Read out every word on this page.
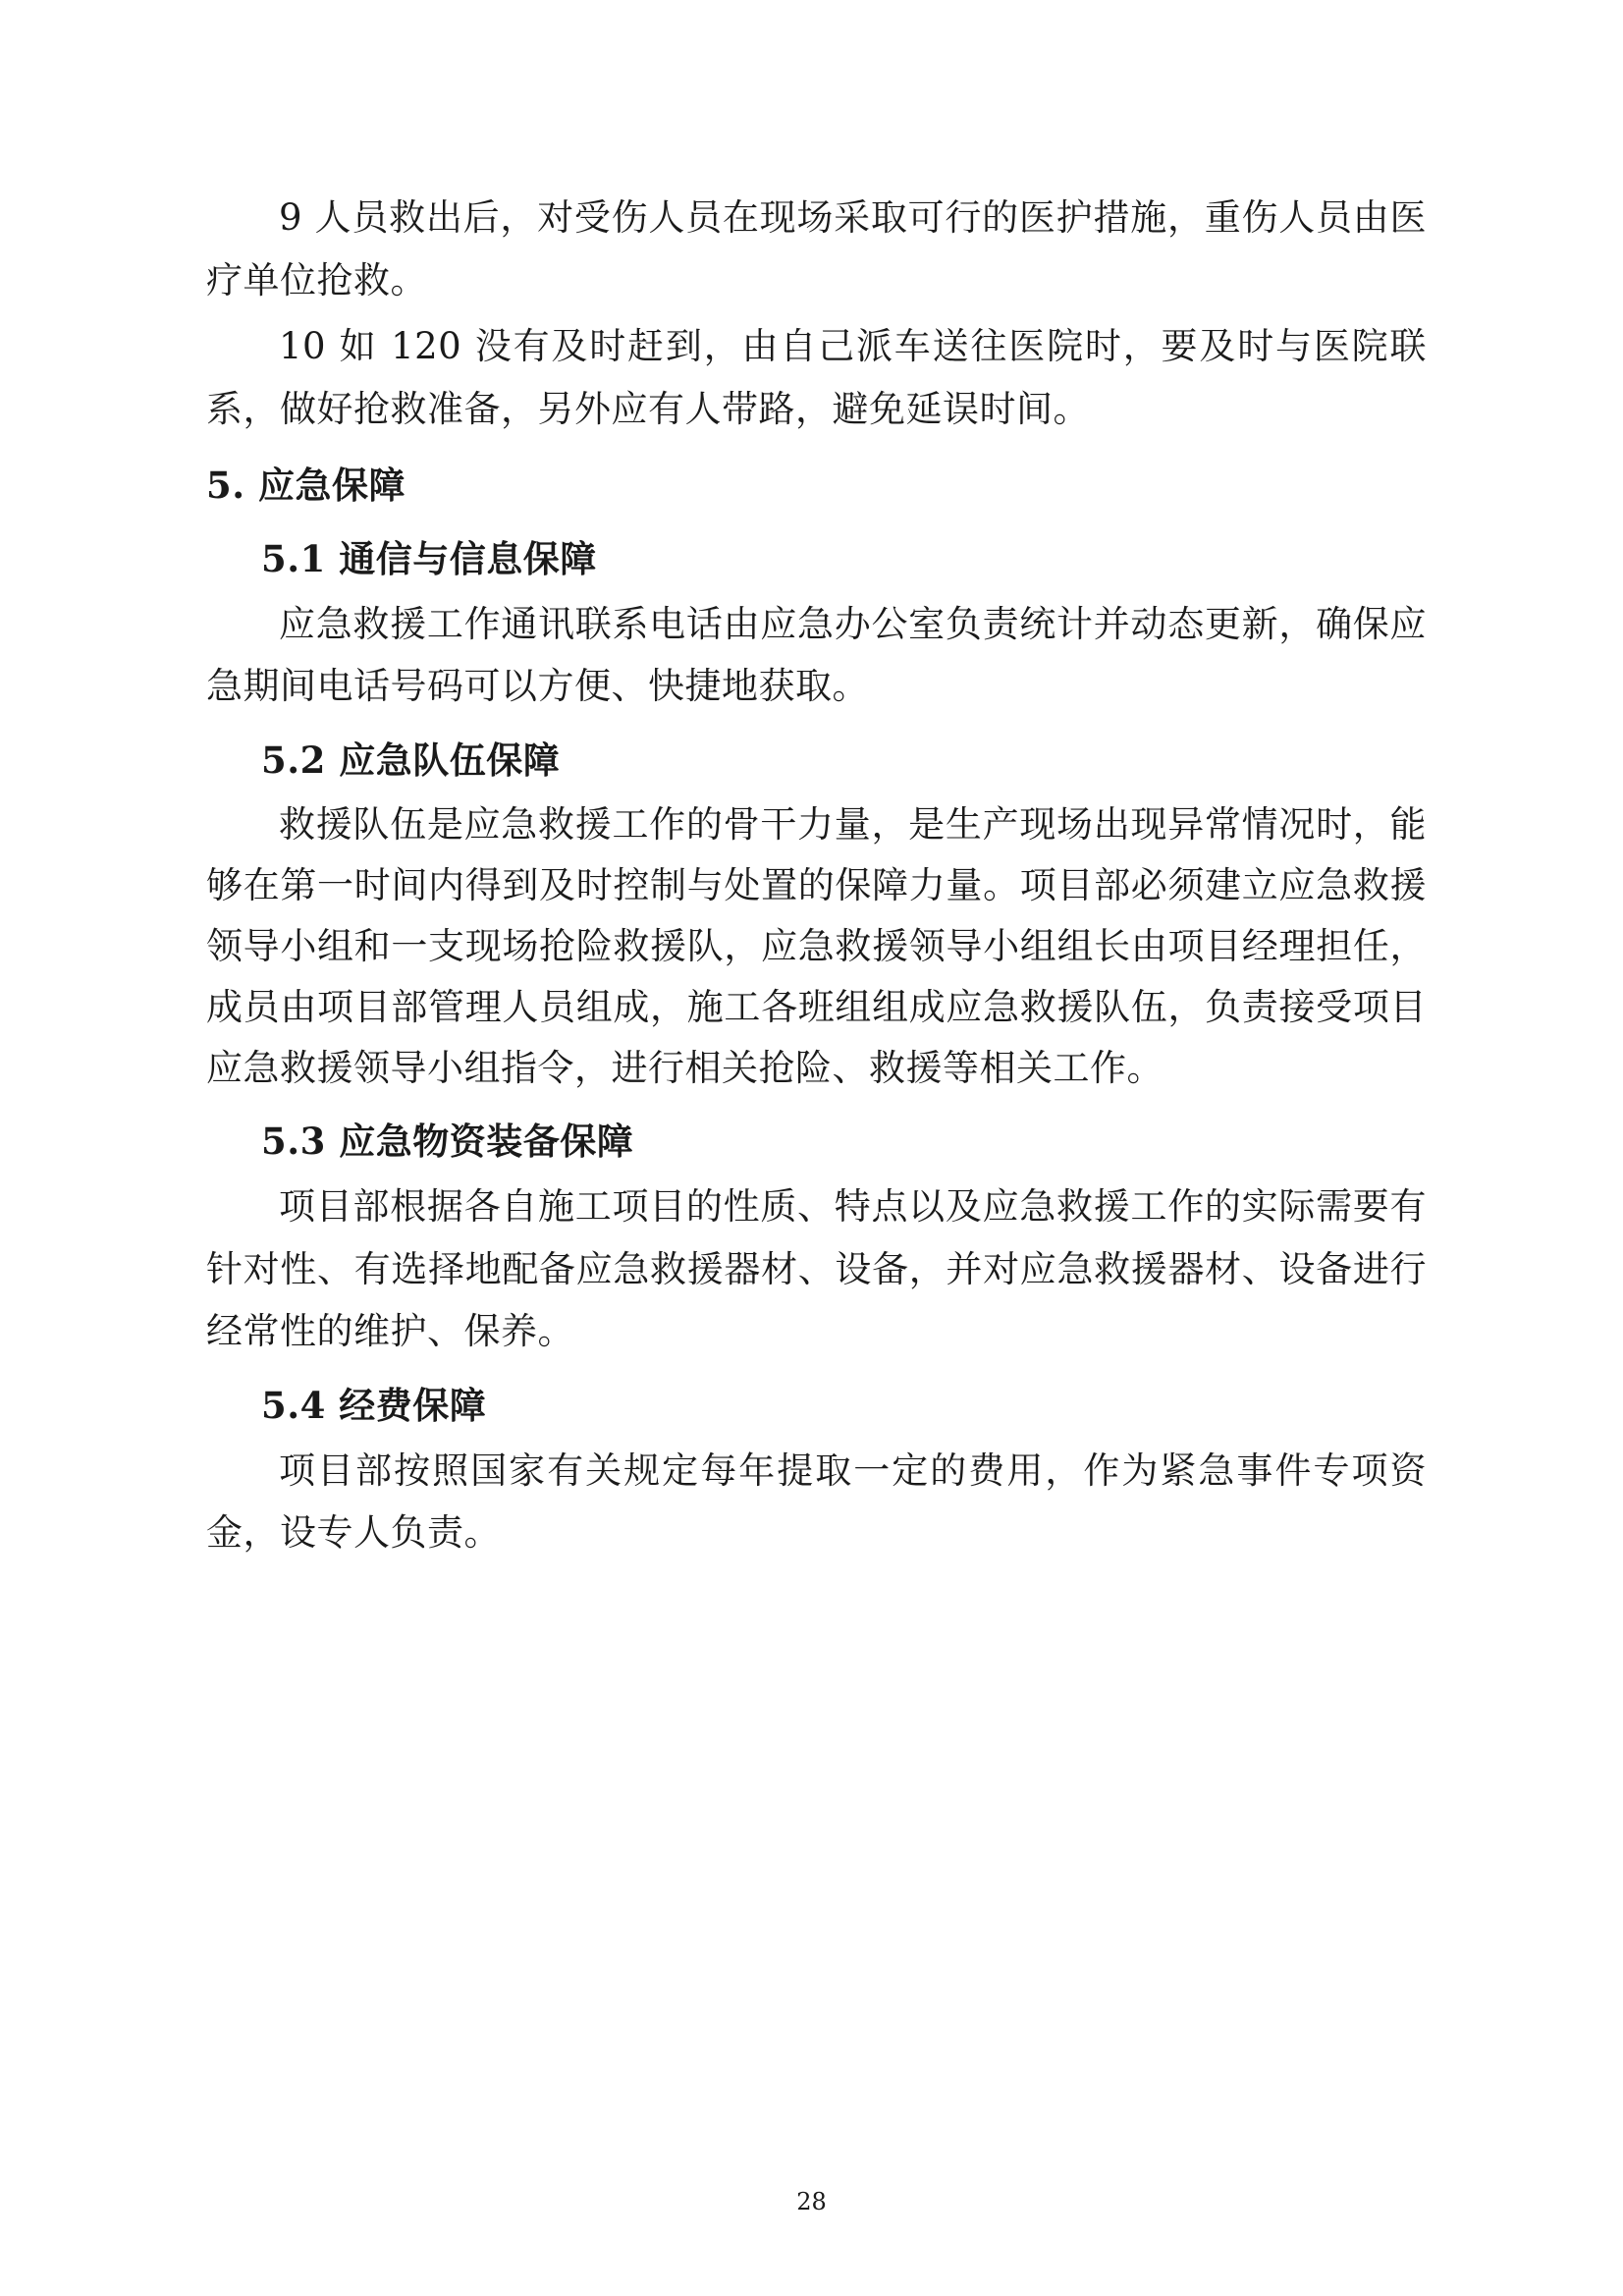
9 人员救出后，对受伤人员在现场采取可行的医护措施，重伤人员由医疗单位抢救。

10 如 120 没有及时赶到，由自己派车送往医院时，要及时与医院联系，做好抢救准备，另外应有人带路，避免延误时间。

5. 应急保障
5.1 通信与信息保障

应急救援工作通讯联系电话由应急办公室负责统计并动态更新，确保应急期间电话号码可以方便、快捷地获取。

5.2 应急队伍保障

救援队伍是应急救援工作的骨干力量，是生产现场出现异常情况时，能够在第一时间内得到及时控制与处置的保障力量。项目部必须建立应急救援领导小组和一支现场抢险救援队，应急救援领导小组组长由项目经理担任，成员由项目部管理人员组成，施工各班组组成应急救援队伍，负责接受项目应急救援领导小组指令，进行相关抢险、救援等相关工作。

5.3 应急物资装备保障

项目部根据各自施工项目的性质、特点以及应急救援工作的实际需要有针对性、有选择地配备应急救援器材、设备，并对应急救援器材、设备进行经常性的维护、保养。

5.4 经费保障

项目部按照国家有关规定每年提取一定的费用，作为紧急事件专项资金，设专人负责。

28
